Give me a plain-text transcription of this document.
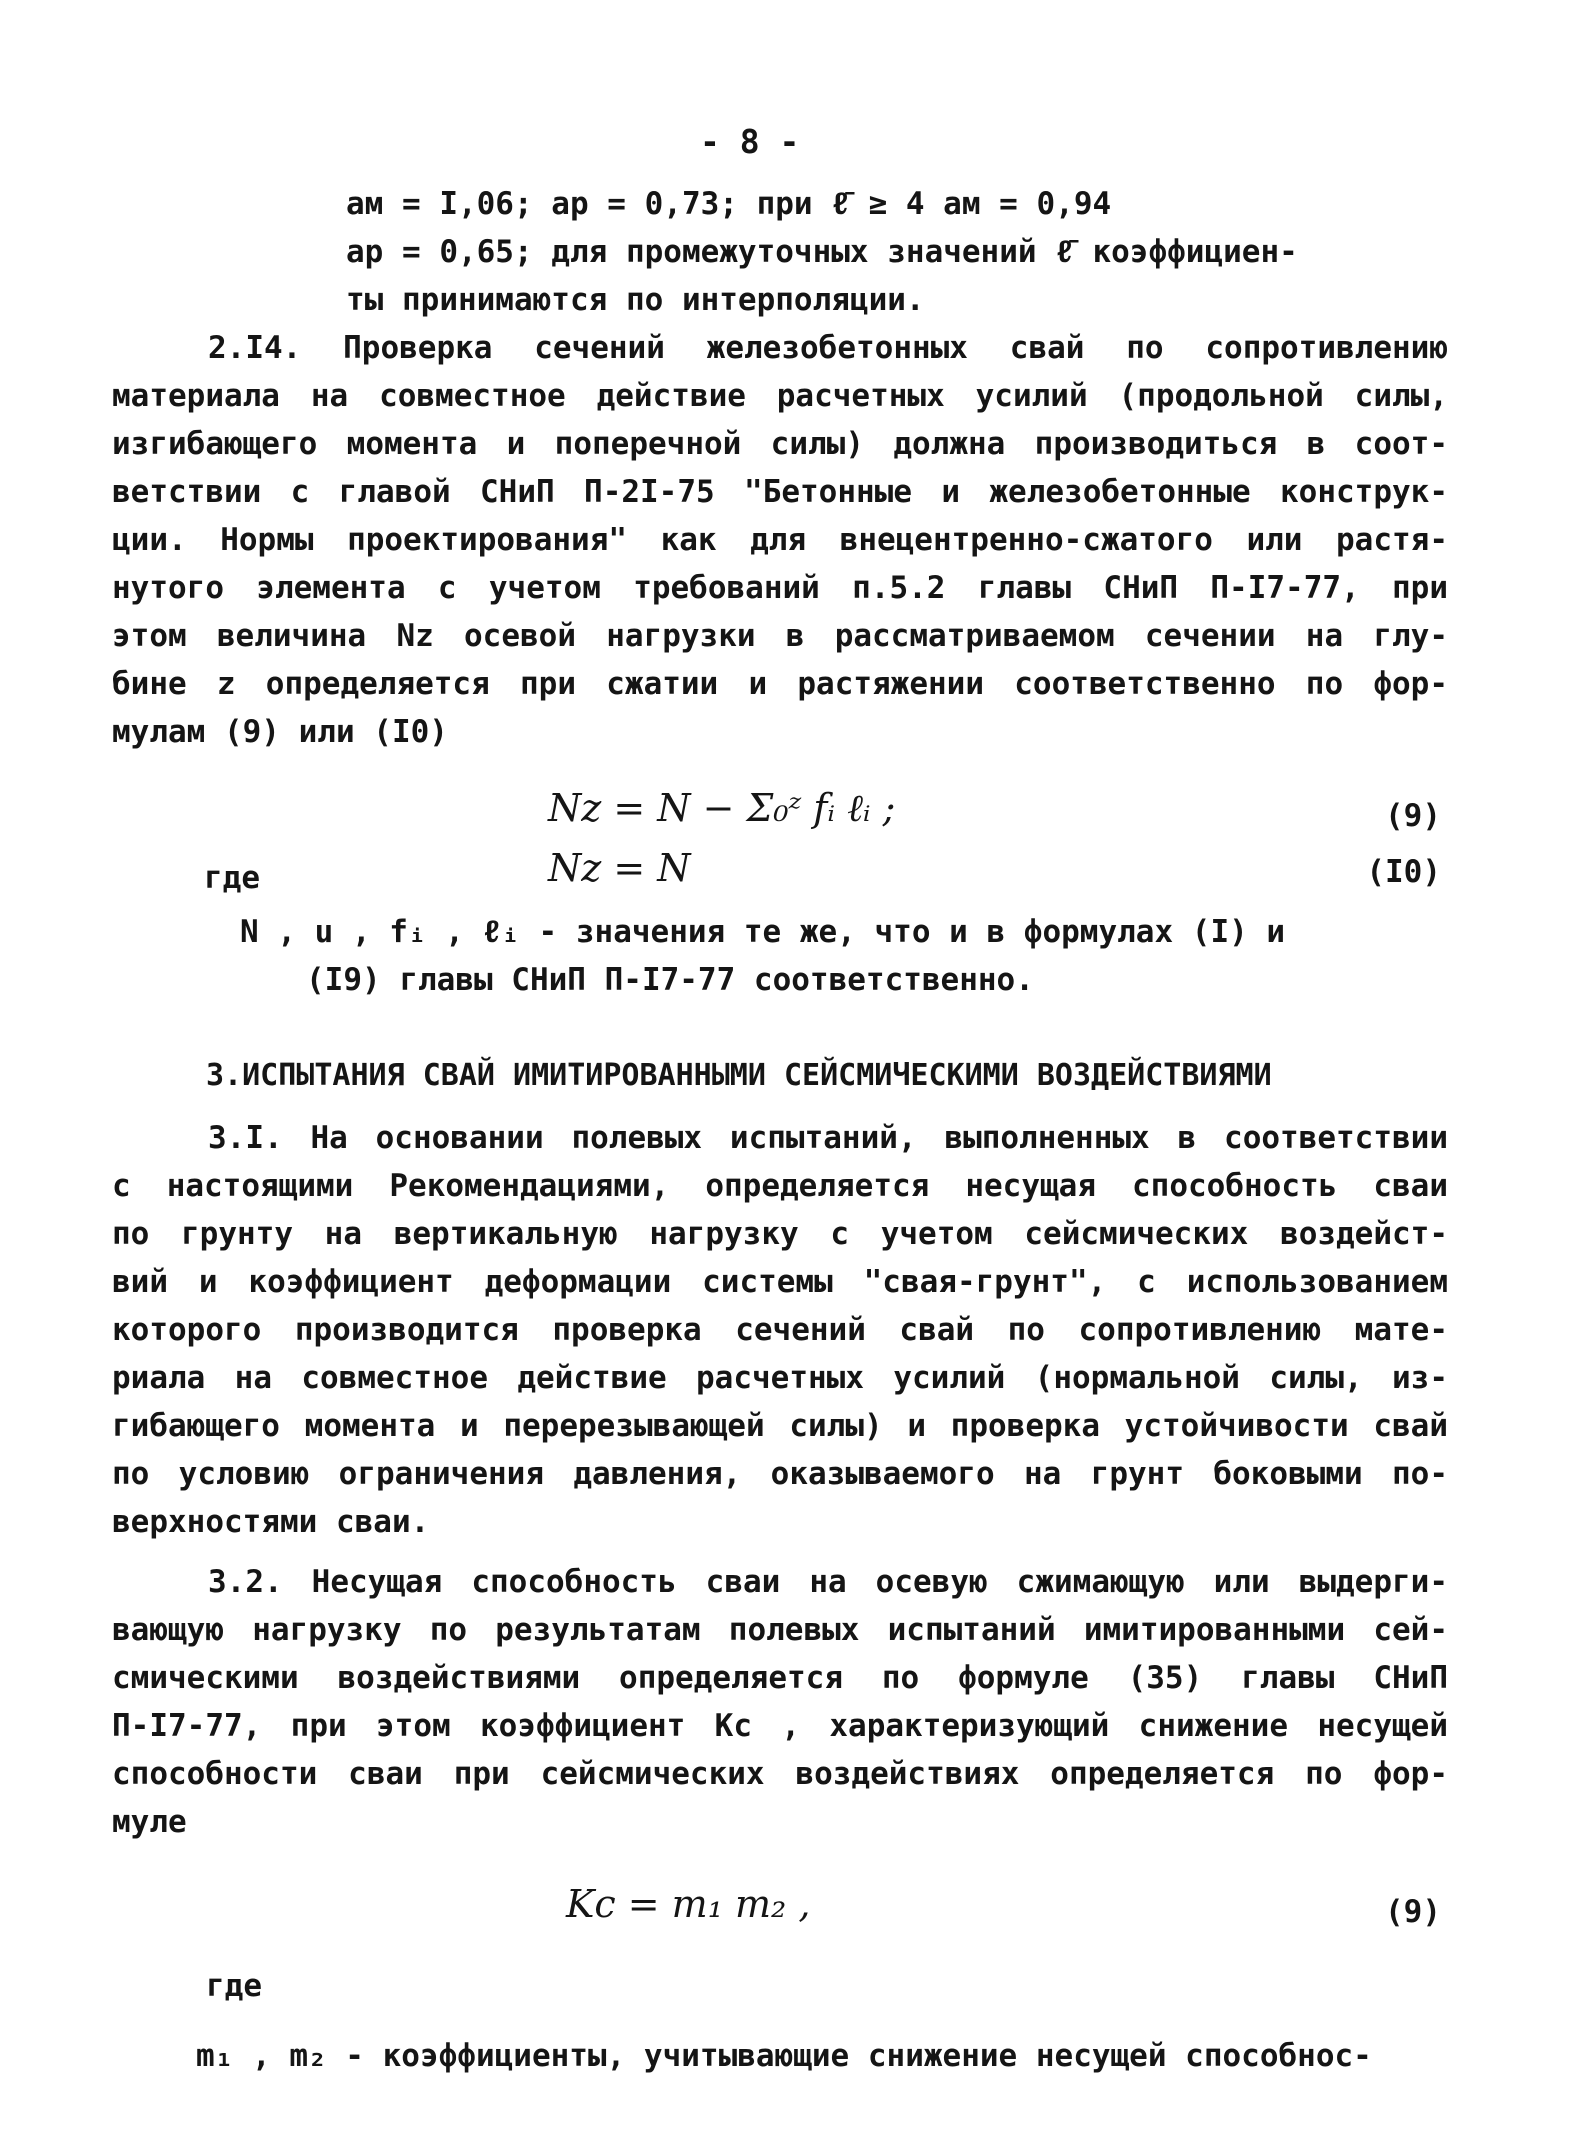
- 8 -
aм = I,06; aр = 0,73; при ℓ̄ ≥ 4 aм = 0,94
aр = 0,65; для промежуточных значений ℓ̄ коэффициен-
ты принимаются по интерполяции.
2.I4. Проверка сечений железобетонных свай по сопротивлению
материала на совместное действие расчетных усилий (продольной силы,
изгибающего момента и поперечной силы) должна производиться в соот-
ветствии с главой СНиП П-2I-75 "Бетонные и железобетонные конструк-
ции. Нормы проектирования" как для внецентренно-сжатого или растя-
нутого элемента с учетом требований п.5.2 главы СНиП П-I7-77, при
этом величина Nz осевой нагрузки в рассматриваемом сечении на глу-
бине z определяется при сжатии и растяжении соответственно по фор-
мулам (9) или (I0)
Nz = N − Σ₀ᶻ fᵢ ℓᵢ ;	(9)
где	Nz = N	(I0)
N , u , fᵢ , ℓᵢ - значения те же, что и в формулах (I) и
(I9) главы СНиП П-I7-77 соответственно.
3.ИСПЫТАНИЯ СВАЙ ИМИТИРОВАННЫМИ СЕЙСМИЧЕСКИМИ ВОЗДЕЙСТВИЯМИ
3.I. На основании полевых испытаний, выполненных в соответствии
с настоящими Рекомендациями, определяется несущая способность сваи
по грунту на вертикальную нагрузку с учетом сейсмических воздейст-
вий и коэффициент деформации системы "свая-грунт", с использованием
которого производится проверка сечений свай по сопротивлению мате-
риала на совместное действие расчетных усилий (нормальной силы, из-
гибающего момента и перерезывающей силы) и проверка устойчивости свай
по условию ограничения давления, оказываемого на грунт боковыми по-
верхностями сваи.
3.2. Несущая способность сваи на осевую сжимающую или выдерги-
вающую нагрузку по результатам полевых испытаний имитированными сей-
смическими воздействиями определяется по формуле (35) главы СНиП
П-I7-77, при этом коэффициент Kc , характеризующий снижение несущей
способности сваи при сейсмических воздействиях определяется по фор-
муле
Kc = m₁ m₂ ,	(9)
где
m₁ , m₂ - коэффициенты, учитывающие снижение несущей способнос-
